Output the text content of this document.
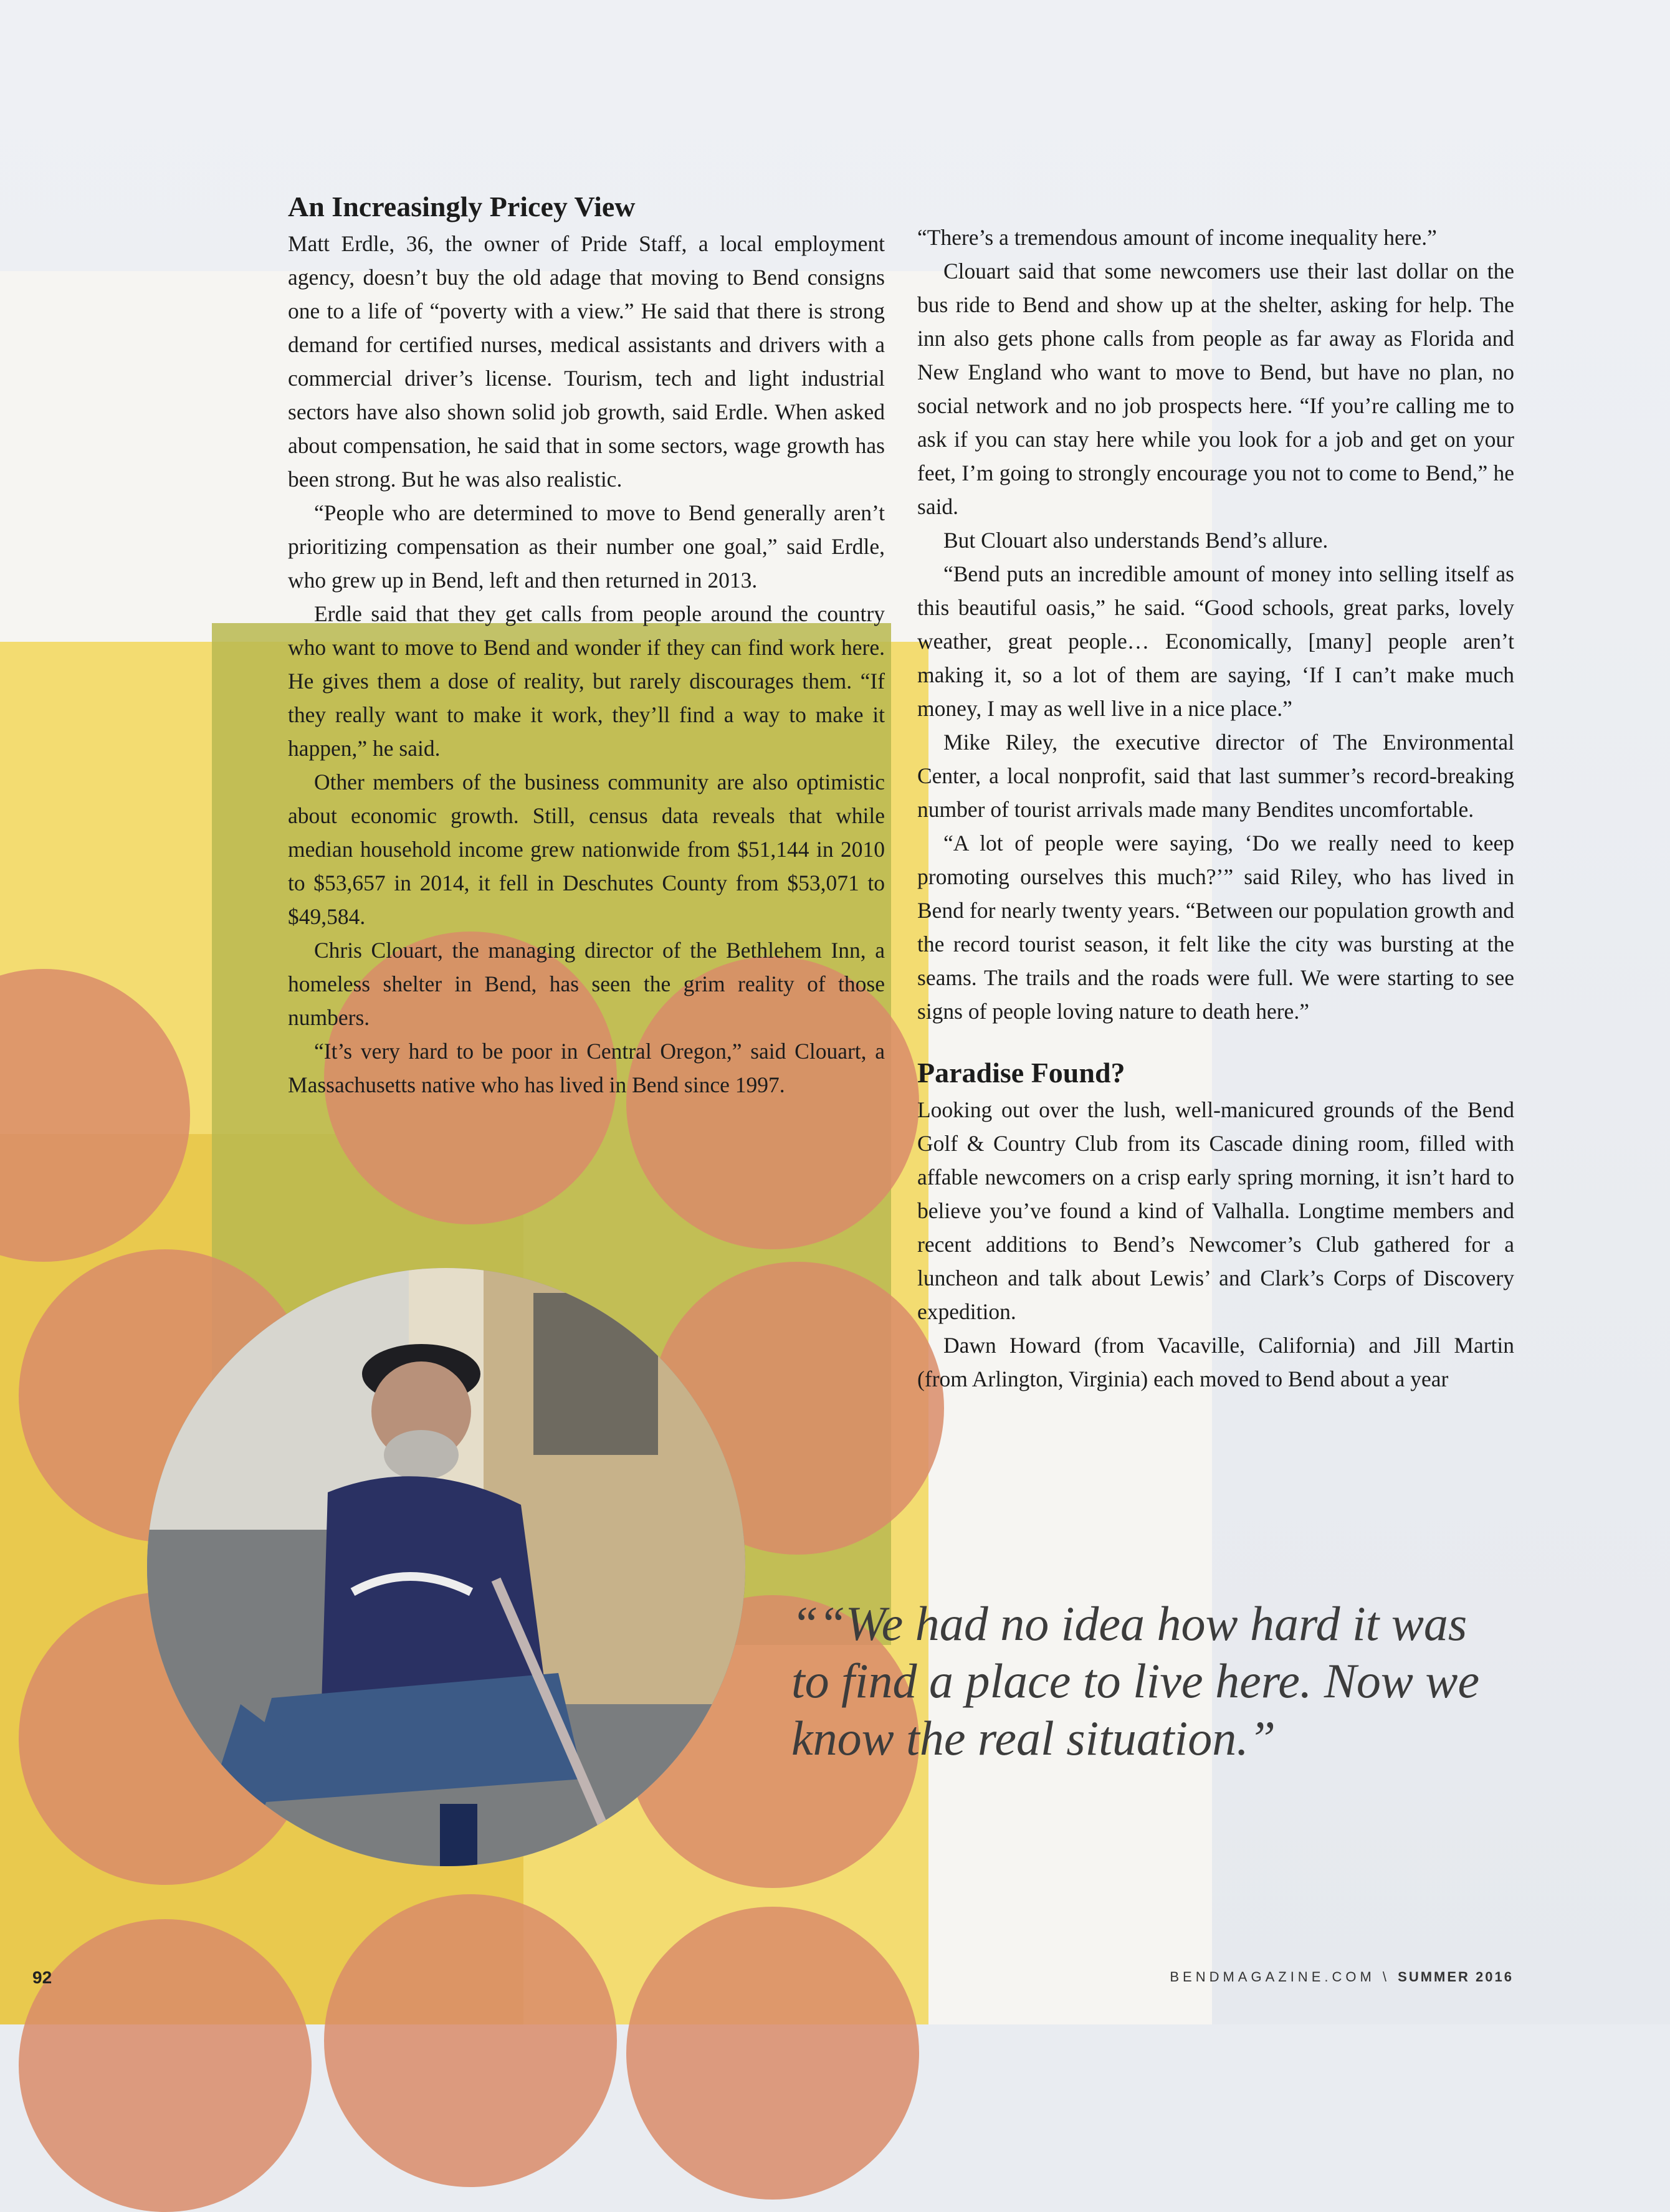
An Increasingly Pricey View

Matt Erdle, 36, the owner of Pride Staff, a local employment agency, doesn’t buy the old adage that moving to Bend consigns one to a life of “poverty with a view.” He said that there is strong demand for certified nurses, medical assistants and drivers with a commercial driver’s license. Tourism, tech and light industrial sectors have also shown solid job growth, said Erdle. When asked about compensation, he said that in some sectors, wage growth has been strong. But he was also realistic.

“People who are determined to move to Bend generally aren’t prioritizing compensation as their number one goal,” said Erdle, who grew up in Bend, left and then returned in 2013.

Erdle said that they get calls from people around the country who want to move to Bend and wonder if they can find work here. He gives them a dose of reality, but rarely discourages them. “If they really want to make it work, they’ll find a way to make it happen,” he said.

Other members of the business community are also optimistic about economic growth. Still, census data reveals that while median household income grew nationwide from $51,144 in 2010 to $53,657 in 2014, it fell in Deschutes County from $53,071 to $49,584.

Chris Clouart, the managing director of the Bethlehem Inn, a homeless shelter in Bend, has seen the grim reality of those numbers.

“It’s very hard to be poor in Central Oregon,” said Clouart, a Massachusetts native who has lived in Bend since 1997.

“There’s a tremendous amount of income inequality here.”

Clouart said that some newcomers use their last dollar on the bus ride to Bend and show up at the shelter, asking for help. The inn also gets phone calls from people as far away as Florida and New England who want to move to Bend, but have no plan, no social network and no job prospects here. “If you’re calling me to ask if you can stay here while you look for a job and get on your feet, I’m going to strongly encourage you not to come to Bend,” he said.

But Clouart also understands Bend’s allure.

“Bend puts an incredible amount of money into selling itself as this beautiful oasis,” he said. “Good schools, great parks, lovely weather, great people… Economically, [many] people aren’t making it, so a lot of them are saying, ‘If I can’t make much money, I may as well live in a nice place.”

Mike Riley, the executive director of The Environmental Center, a local nonprofit, said that last summer’s record-breaking number of tourist arrivals made many Bendites uncomfortable.

“A lot of people were saying, ‘Do we really need to keep promoting ourselves this much?’” said Riley, who has lived in Bend for nearly twenty years. “Between our population growth and the record tourist season, it felt like the city was bursting at the seams. The trails and the roads were full. We were starting to see signs of people loving nature to death here.”

Paradise Found?

Looking out over the lush, well-manicured grounds of the Bend Golf & Country Club from its Cascade dining room, filled with affable newcomers on a crisp early spring morning, it isn’t hard to believe you’ve found a kind of Valhalla. Longtime members and recent additions to Bend’s Newcomer’s Club gathered for a luncheon and talk about Lewis’ and Clark’s Corps of Discovery expedition.

Dawn Howard (from Vacaville, California) and Jill Martin (from Arlington, Virginia) each moved to Bend about a year

““We had no idea how hard it was to find a place to live here. Now we know the real situation.”
92	BENDMAGAZINE.COM \ SUMMER 2016
